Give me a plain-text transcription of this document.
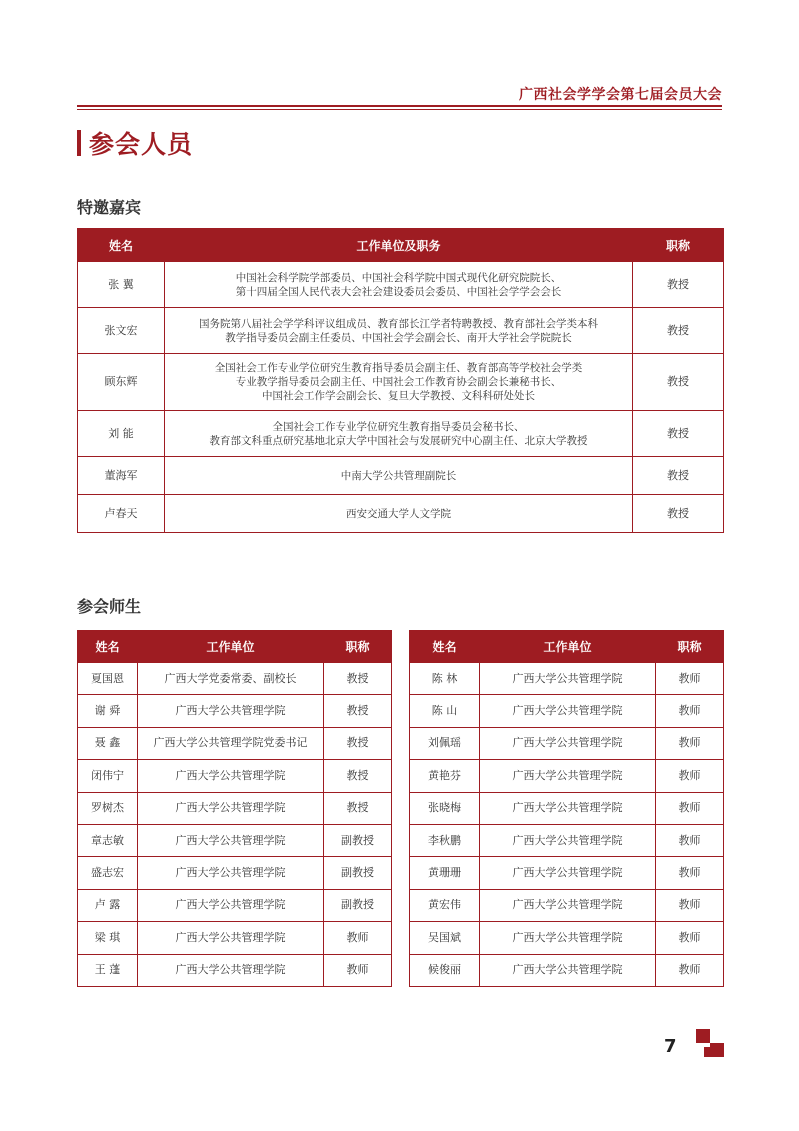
广西社会学学会第七届会员大会
参会人员
特邀嘉宾
姓名	工作单位及职务	职称
张 翼	中国社会科学院学部委员、中国社会科学院中国式现代化研究院院长、
第十四届全国人民代表大会社会建设委员会委员、中国社会学学会会长	教授
张文宏	国务院第八届社会学学科评议组成员、教育部长江学者特聘教授、教育部社会学类本科
教学指导委员会副主任委员、中国社会学会副会长、南开大学社会学院院长	教授
顾东辉	全国社会工作专业学位研究生教育指导委员会副主任、教育部高等学校社会学类
专业教学指导委员会副主任、中国社会工作教育协会副会长兼秘书长、
中国社会工作学会副会长、复旦大学教授、文科科研处处长	教授
刘 能	全国社会工作专业学位研究生教育指导委员会秘书长、
教育部文科重点研究基地北京大学中国社会与发展研究中心副主任、北京大学教授	教授
董海军	中南大学公共管理副院长	教授
卢春天	西安交通大学人文学院	教授
参会师生
姓名	工作单位	职称
夏国恩	广西大学党委常委、副校长	教授
谢 舜	广西大学公共管理学院	教授
聂 鑫	广西大学公共管理学院党委书记	教授
闭伟宁	广西大学公共管理学院	教授
罗树杰	广西大学公共管理学院	教授
章志敏	广西大学公共管理学院	副教授
盛志宏	广西大学公共管理学院	副教授
卢 露	广西大学公共管理学院	副教授
梁 琪	广西大学公共管理学院	教师
王 蓬	广西大学公共管理学院	教师
姓名	工作单位	职称
陈 林	广西大学公共管理学院	教师
陈 山	广西大学公共管理学院	教师
刘佩瑶	广西大学公共管理学院	教师
黄艳芬	广西大学公共管理学院	教师
张晓梅	广西大学公共管理学院	教师
李秋鹏	广西大学公共管理学院	教师
黄珊珊	广西大学公共管理学院	教师
黄宏伟	广西大学公共管理学院	教师
吴国斌	广西大学公共管理学院	教师
候俊丽	广西大学公共管理学院	教师
7
